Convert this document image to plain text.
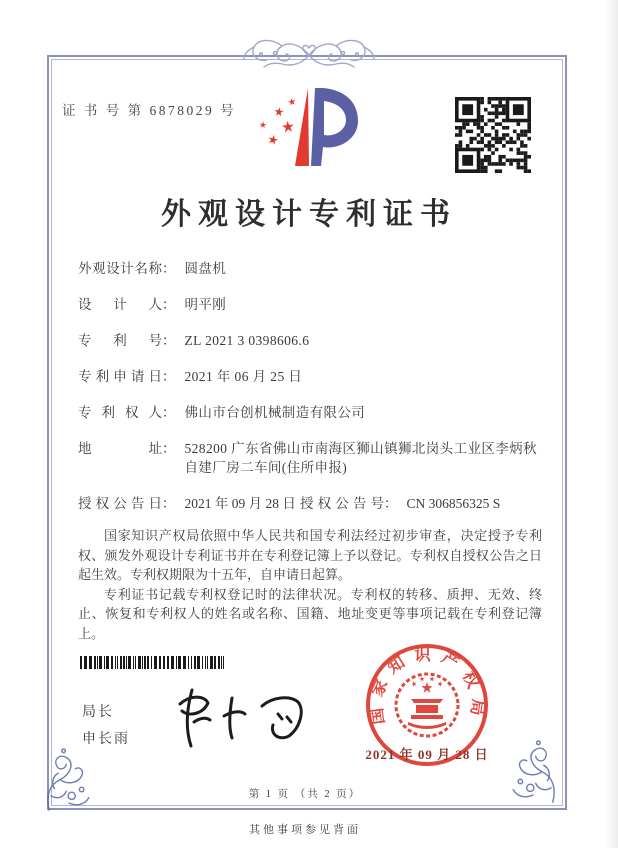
证 书 号 第 6878029 号
外观设计专利证书
外观设计名称 ： 圆盘机
设计人 ： 明平刚
专利号 ： ZL 2021 3 0398606.6
专利申请日 ： 2021 年 06 月 25 日
专利权人 ： 佛山市台创机械制造有限公司
地址 ： 528200 广东省佛山市南海区狮山镇狮北岗头工业区李炳秋自建厂房二车间(住所申报)
授权公告日 ： 2021 年 09 月 28 日 授权公告号 ： CN 306856325 S

国家知识产权局依照中华人民共和国专利法经过初步审查，决定授予专利权、颁发外观设计专利证书并在专利登记簿上予以登记。专利权自授权公告之日起生效。专利权期限为十五年，自申请日起算。

专利证书记载专利权登记时的法律状况。专利权的转移、质押、无效、终止、恢复和专利权人的姓名或名称、国籍、地址变更等事项记载在专利登记簿上。

局长
申长雨
国家知识产权局
2021 年 09 月 28 日
第 1 页 （共 2 页）
其他事项参见背面
